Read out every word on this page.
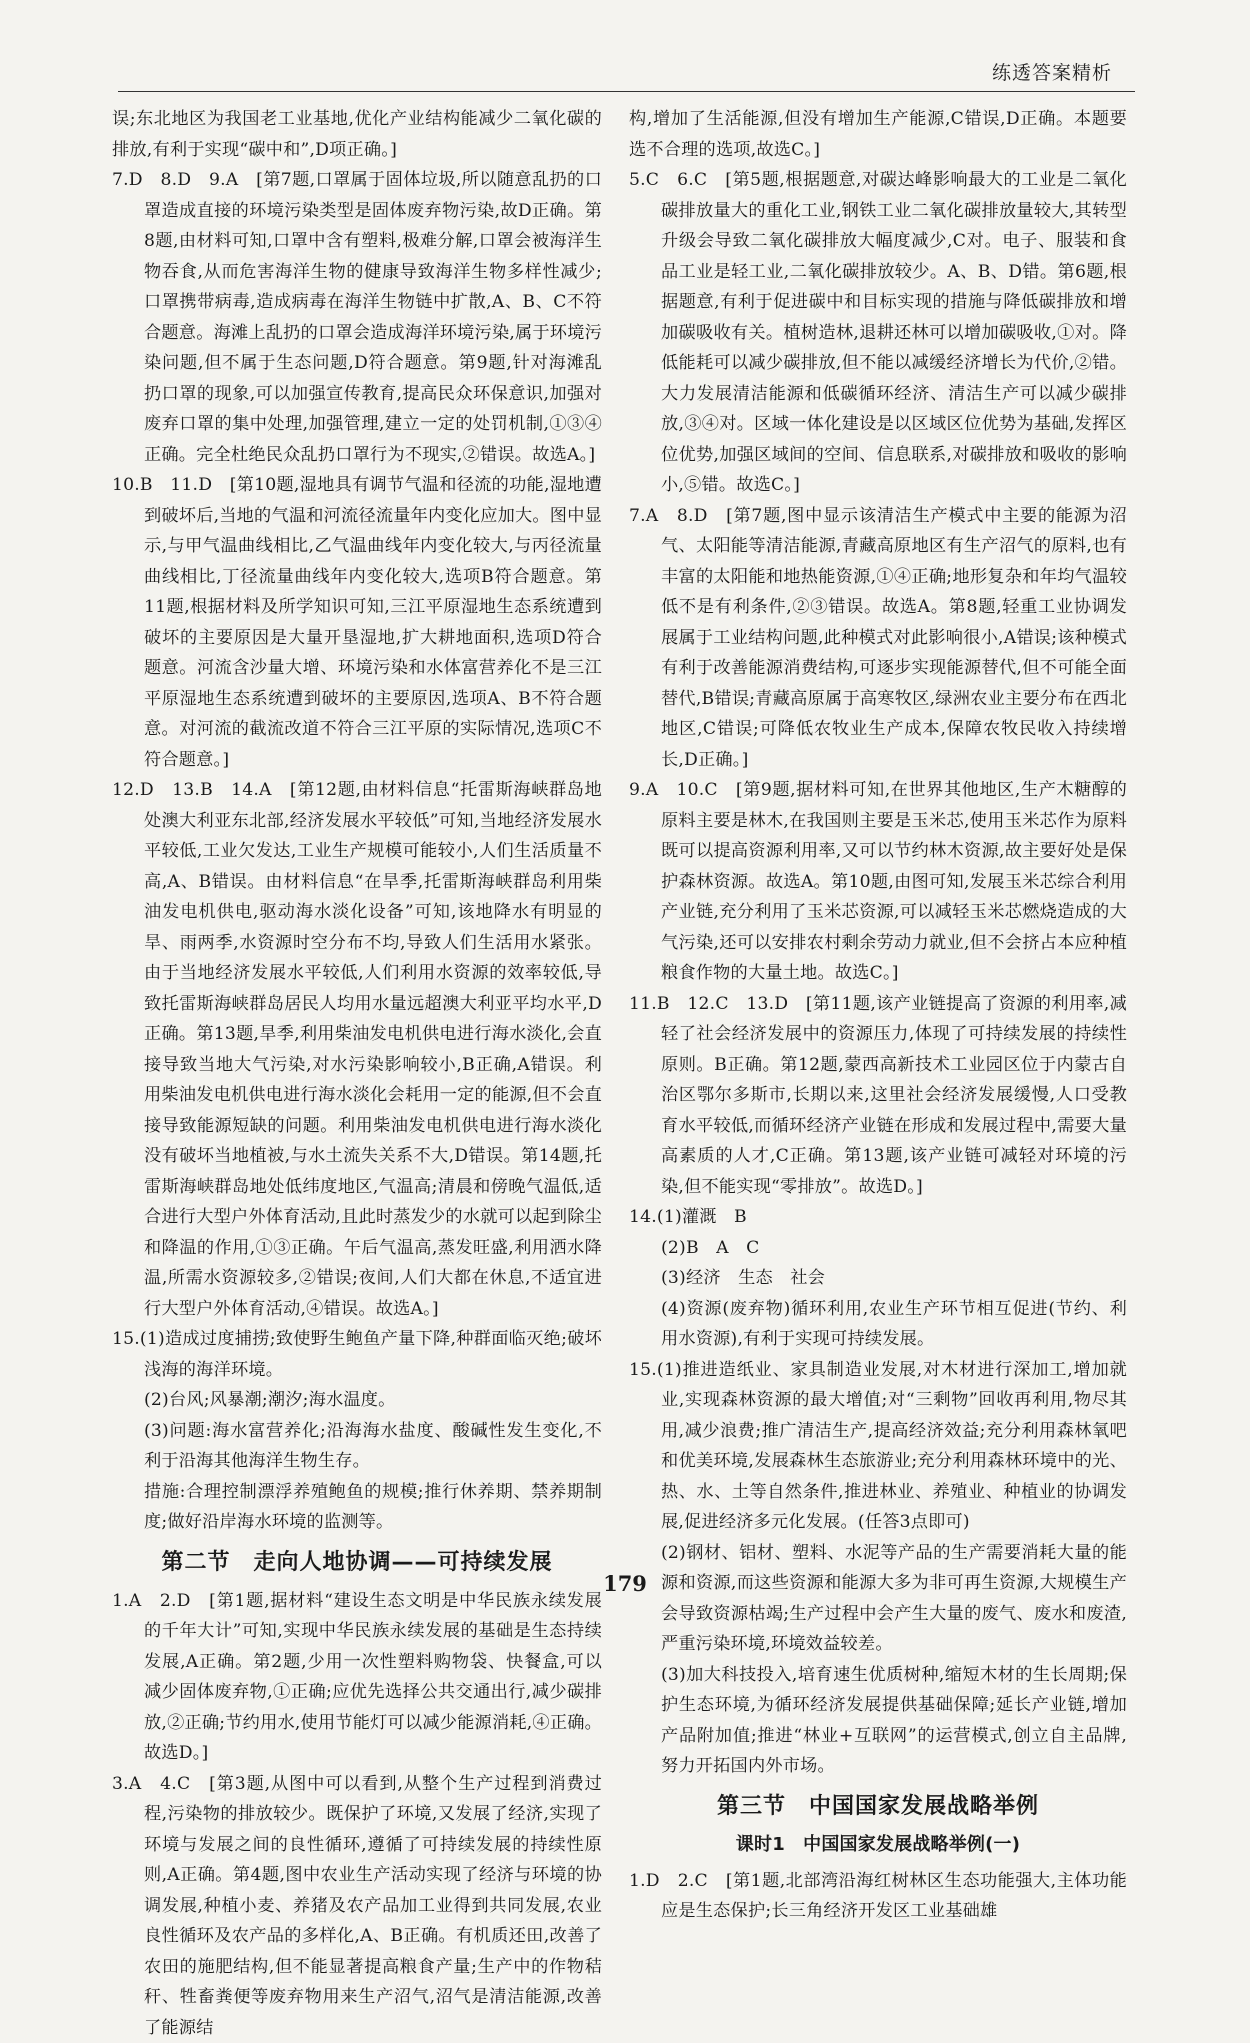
练透答案精析
误;东北地区为我国老工业基地,优化产业结构能减少二氧化碳的排放,有利于实现“碳中和”,D项正确。]
7.D　8.D　9.A　[第7题,口罩属于固体垃圾,所以随意乱扔的口罩造成直接的环境污染类型是固体废弃物污染,故D正确。第8题,由材料可知,口罩中含有塑料,极难分解,口罩会被海洋生物吞食,从而危害海洋生物的健康导致海洋生物多样性减少;口罩携带病毒,造成病毒在海洋生物链中扩散,A、B、C不符合题意。海滩上乱扔的口罩会造成海洋环境污染,属于环境污染问题,但不属于生态问题,D符合题意。第9题,针对海滩乱扔口罩的现象,可以加强宣传教育,提高民众环保意识,加强对废弃口罩的集中处理,加强管理,建立一定的处罚机制,①③④正确。完全杜绝民众乱扔口罩行为不现实,②错误。故选A。]
10.B　11.D　[第10题,湿地具有调节气温和径流的功能,湿地遭到破坏后,当地的气温和河流径流量年内变化应加大。图中显示,与甲气温曲线相比,乙气温曲线年内变化较大,与丙径流量曲线相比,丁径流量曲线年内变化较大,选项B符合题意。第11题,根据材料及所学知识可知,三江平原湿地生态系统遭到破坏的主要原因是大量开垦湿地,扩大耕地面积,选项D符合题意。河流含沙量大增、环境污染和水体富营养化不是三江平原湿地生态系统遭到破坏的主要原因,选项A、B不符合题意。对河流的截流改道不符合三江平原的实际情况,选项C不符合题意。]
12.D　13.B　14.A　[第12题,由材料信息“托雷斯海峡群岛地处澳大利亚东北部,经济发展水平较低”可知,当地经济发展水平较低,工业欠发达,工业生产规模可能较小,人们生活质量不高,A、B错误。由材料信息“在旱季,托雷斯海峡群岛利用柴油发电机供电,驱动海水淡化设备”可知,该地降水有明显的旱、雨两季,水资源时空分布不均,导致人们生活用水紧张。由于当地经济发展水平较低,人们利用水资源的效率较低,导致托雷斯海峡群岛居民人均用水量远超澳大利亚平均水平,D正确。第13题,旱季,利用柴油发电机供电进行海水淡化,会直接导致当地大气污染,对水污染影响较小,B正确,A错误。利用柴油发电机供电进行海水淡化会耗用一定的能源,但不会直接导致能源短缺的问题。利用柴油发电机供电进行海水淡化没有破坏当地植被,与水土流失关系不大,D错误。第14题,托雷斯海峡群岛地处低纬度地区,气温高;清晨和傍晚气温低,适合进行大型户外体育活动,且此时蒸发少的水就可以起到除尘和降温的作用,①③正确。午后气温高,蒸发旺盛,利用洒水降温,所需水资源较多,②错误;夜间,人们大都在休息,不适宜进行大型户外体育活动,④错误。故选A。]
15.(1)造成过度捕捞;致使野生鲍鱼产量下降,种群面临灭绝;破坏浅海的海洋环境。
(2)台风;风暴潮;潮汐;海水温度。
(3)问题:海水富营养化;沿海海水盐度、酸碱性发生变化,不利于沿海其他海洋生物生存。
措施:合理控制漂浮养殖鲍鱼的规模;推行休养期、禁养期制度;做好沿岸海水环境的监测等。
第二节　走向人地协调——可持续发展
1.A　2.D　[第1题,据材料“建设生态文明是中华民族永续发展的千年大计”可知,实现中华民族永续发展的基础是生态持续发展,A正确。第2题,少用一次性塑料购物袋、快餐盒,可以减少固体废弃物,①正确;应优先选择公共交通出行,减少碳排放,②正确;节约用水,使用节能灯可以减少能源消耗,④正确。故选D。]
3.A　4.C　[第3题,从图中可以看到,从整个生产过程到消费过程,污染物的排放较少。既保护了环境,又发展了经济,实现了环境与发展之间的良性循环,遵循了可持续发展的持续性原则,A正确。第4题,图中农业生产活动实现了经济与环境的协调发展,种植小麦、养猪及农产品加工业得到共同发展,农业良性循环及农产品的多样化,A、B正确。有机质还田,改善了农田的施肥结构,但不能显著提高粮食产量;生产中的作物秸秆、牲畜粪便等废弃物用来生产沼气,沼气是清洁能源,改善了能源结
构,增加了生活能源,但没有增加生产能源,C错误,D正确。本题要选不合理的选项,故选C。]
5.C　6.C　[第5题,根据题意,对碳达峰影响最大的工业是二氧化碳排放量大的重化工业,钢铁工业二氧化碳排放量较大,其转型升级会导致二氧化碳排放大幅度减少,C对。电子、服装和食品工业是轻工业,二氧化碳排放较少。A、B、D错。第6题,根据题意,有利于促进碳中和目标实现的措施与降低碳排放和增加碳吸收有关。植树造林,退耕还林可以增加碳吸收,①对。降低能耗可以减少碳排放,但不能以减缓经济增长为代价,②错。大力发展清洁能源和低碳循环经济、清洁生产可以减少碳排放,③④对。区域一体化建设是以区域区位优势为基础,发挥区位优势,加强区域间的空间、信息联系,对碳排放和吸收的影响小,⑤错。故选C。]
7.A　8.D　[第7题,图中显示该清洁生产模式中主要的能源为沼气、太阳能等清洁能源,青藏高原地区有生产沼气的原料,也有丰富的太阳能和地热能资源,①④正确;地形复杂和年均气温较低不是有利条件,②③错误。故选A。第8题,轻重工业协调发展属于工业结构问题,此种模式对此影响很小,A错误;该种模式有利于改善能源消费结构,可逐步实现能源替代,但不可能全面替代,B错误;青藏高原属于高寒牧区,绿洲农业主要分布在西北地区,C错误;可降低农牧业生产成本,保障农牧民收入持续增长,D正确。]
9.A　10.C　[第9题,据材料可知,在世界其他地区,生产木糖醇的原料主要是林木,在我国则主要是玉米芯,使用玉米芯作为原料既可以提高资源利用率,又可以节约林木资源,故主要好处是保护森林资源。故选A。第10题,由图可知,发展玉米芯综合利用产业链,充分利用了玉米芯资源,可以减轻玉米芯燃烧造成的大气污染,还可以安排农村剩余劳动力就业,但不会挤占本应种植粮食作物的大量土地。故选C。]
11.B　12.C　13.D　[第11题,该产业链提高了资源的利用率,减轻了社会经济发展中的资源压力,体现了可持续发展的持续性原则。B正确。第12题,蒙西高新技术工业园区位于内蒙古自治区鄂尔多斯市,长期以来,这里社会经济发展缓慢,人口受教育水平较低,而循环经济产业链在形成和发展过程中,需要大量高素质的人才,C正确。第13题,该产业链可减轻对环境的污染,但不能实现“零排放”。故选D。]
14.(1)灌溉　B
(2)B　A　C
(3)经济　生态　社会
(4)资源(废弃物)循环利用,农业生产环节相互促进(节约、利用水资源),有利于实现可持续发展。
15.(1)推进造纸业、家具制造业发展,对木材进行深加工,增加就业,实现森林资源的最大增值;对“三剩物”回收再利用,物尽其用,减少浪费;推广清洁生产,提高经济效益;充分利用森林氧吧和优美环境,发展森林生态旅游业;充分利用森林环境中的光、热、水、土等自然条件,推进林业、养殖业、种植业的协调发展,促进经济多元化发展。(任答3点即可)
(2)钢材、铝材、塑料、水泥等产品的生产需要消耗大量的能源和资源,而这些资源和能源大多为非可再生资源,大规模生产会导致资源枯竭;生产过程中会产生大量的废气、废水和废渣,严重污染环境,环境效益较差。
(3)加大科技投入,培育速生优质树种,缩短木材的生长周期;保护生态环境,为循环经济发展提供基础保障;延长产业链,增加产品附加值;推进“林业+互联网”的运营模式,创立自主品牌,努力开拓国内外市场。
第三节　中国国家发展战略举例
课时1　中国国家发展战略举例(一)
1.D　2.C　[第1题,北部湾沿海红树林区生态功能强大,主体功能应是生态保护;长三角经济开发区工业基础雄
179
